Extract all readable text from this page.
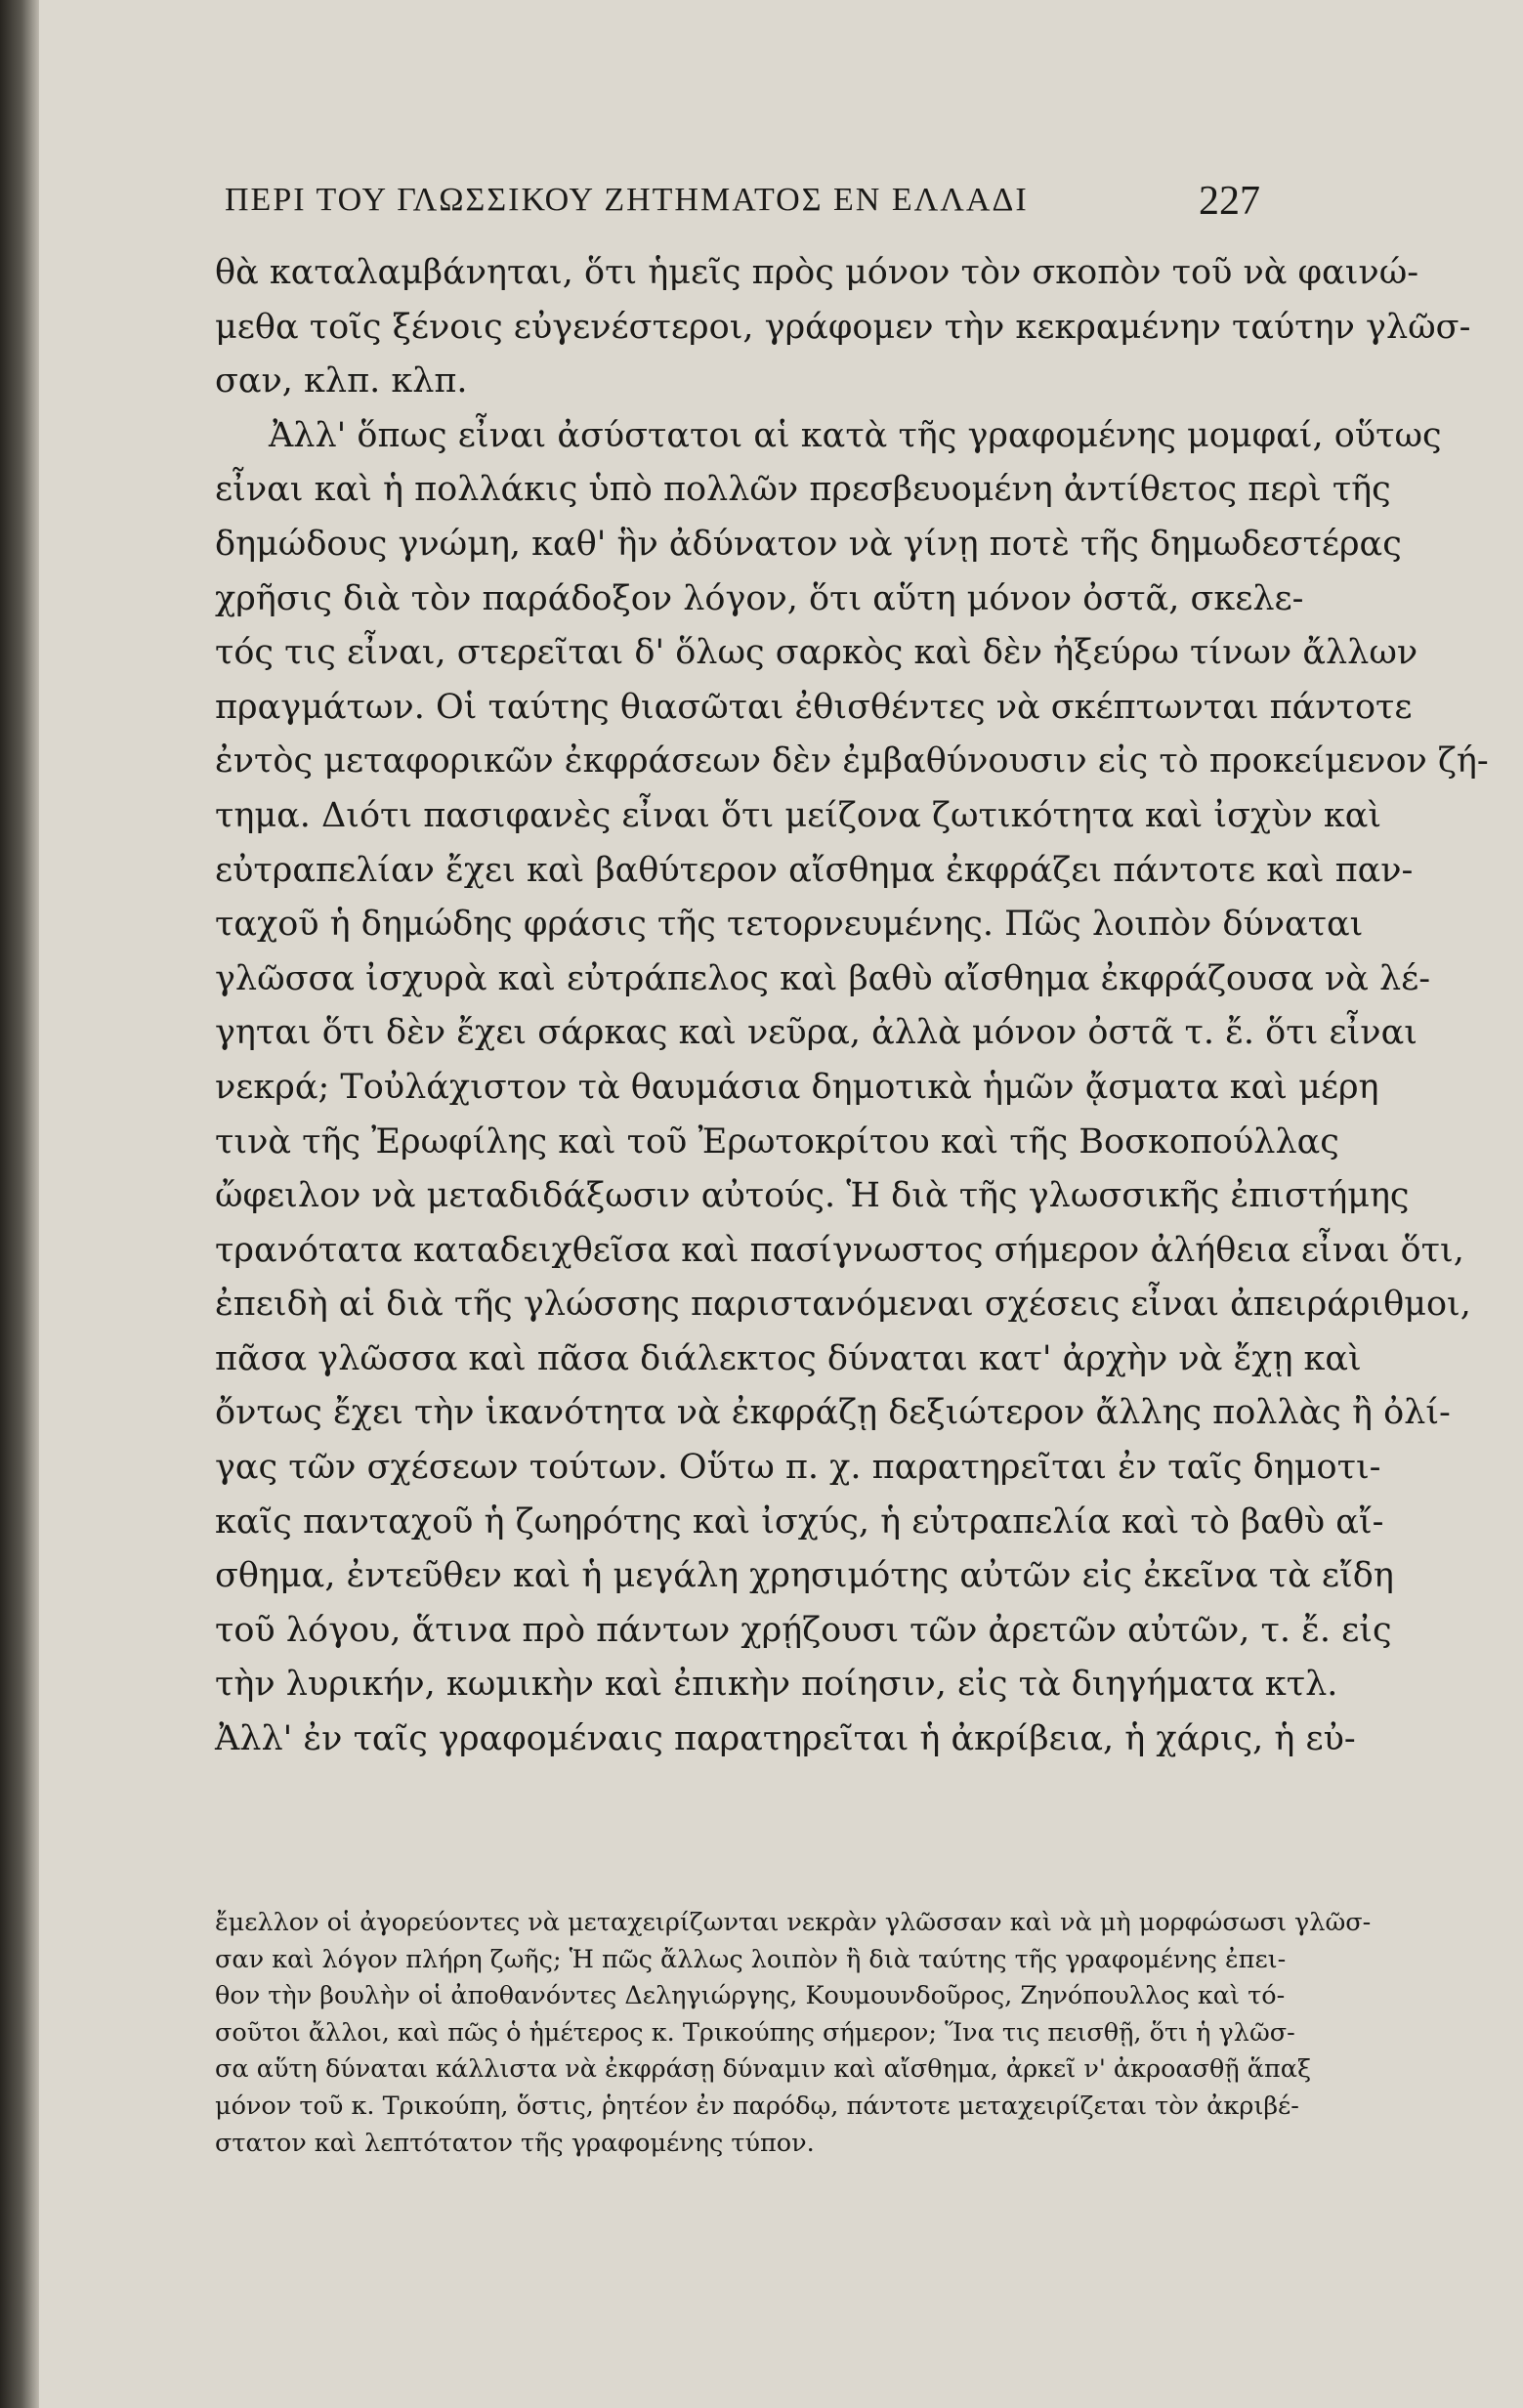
ΠΕΡΙ ΤΟΥ ΓΛΩΣΣΙΚΟΥ ΖΗΤΗΜΑΤΟΣ ΕΝ ΕΛΛΑΔΙ	227
θὰ καταλαμβάνηται, ὅτι ἡμεῖς πρὸς μόνον τὸν σκοπὸν τοῦ νὰ φαινώ-
μεθα τοῖς ξένοις εὐγενέστεροι, γράφομεν τὴν κεκραμένην ταύτην γλῶσ-
σαν, κλπ. κλπ.
Ἀλλ' ὅπως εἶναι ἀσύστατοι αἱ κατὰ τῆς γραφομένης μομφαί, οὕτως
εἶναι καὶ ἡ πολλάκις ὑπὸ πολλῶν πρεσβευομένη ἀντίθετος περὶ τῆς
δημώδους γνώμη, καθ' ἣν ἀδύνατον νὰ γίνῃ ποτὲ τῆς δημωδεστέρας
χρῆσις διὰ τὸν παράδοξον λόγον, ὅτι αὕτη μόνον ὀστᾶ, σκελε-
τός τις εἶναι, στερεῖται δ' ὅλως σαρκὸς καὶ δὲν ἠξεύρω τίνων ἄλλων
πραγμάτων. Οἱ ταύτης θιασῶται ἐθισθέντες νὰ σκέπτωνται πάντοτε
ἐντὸς μεταφορικῶν ἐκφράσεων δὲν ἐμβαθύνουσιν εἰς τὸ προκείμενον ζή-
τημα. Διότι πασιφανὲς εἶναι ὅτι μείζονα ζωτικότητα καὶ ἰσχὺν καὶ
εὐτραπελίαν ἔχει καὶ βαθύτερον αἴσθημα ἐκφράζει πάντοτε καὶ παν-
ταχοῦ ἡ δημώδης φράσις τῆς τετορνευμένης. Πῶς λοιπὸν δύναται
γλῶσσα ἰσχυρὰ καὶ εὐτράπελος καὶ βαθὺ αἴσθημα ἐκφράζουσα νὰ λέ-
γηται ὅτι δὲν ἔχει σάρκας καὶ νεῦρα, ἀλλὰ μόνον ὀστᾶ τ. ἔ. ὅτι εἶναι
νεκρά; Τοὐλάχιστον τὰ θαυμάσια δημοτικὰ ἡμῶν ᾄσματα καὶ μέρη
τινὰ τῆς Ἐρωφίλης καὶ τοῦ Ἐρωτοκρίτου καὶ τῆς Βοσκοπούλλας
ὤφειλον νὰ μεταδιδάξωσιν αὐτούς. Ἡ διὰ τῆς γλωσσικῆς ἐπιστήμης
τρανότατα καταδειχθεῖσα καὶ πασίγνωστος σήμερον ἀλήθεια εἶναι ὅτι,
ἐπειδὴ αἱ διὰ τῆς γλώσσης παριστανόμεναι σχέσεις εἶναι ἀπειράριθμοι,
πᾶσα γλῶσσα καὶ πᾶσα διάλεκτος δύναται κατ' ἀρχὴν νὰ ἔχῃ καὶ
ὄντως ἔχει τὴν ἱκανότητα νὰ ἐκφράζῃ δεξιώτερον ἄλλης πολλὰς ἢ ὀλί-
γας τῶν σχέσεων τούτων. Οὕτω π. χ. παρατηρεῖται ἐν ταῖς δημοτι-
καῖς πανταχοῦ ἡ ζωηρότης καὶ ἰσχύς, ἡ εὐτραπελία καὶ τὸ βαθὺ αἴ-
σθημα, ἐντεῦθεν καὶ ἡ μεγάλη χρησιμότης αὐτῶν εἰς ἐκεῖνα τὰ εἴδη
τοῦ λόγου, ἅτινα πρὸ πάντων χρῄζουσι τῶν ἀρετῶν αὐτῶν, τ. ἔ. εἰς
τὴν λυρικήν, κωμικὴν καὶ ἐπικὴν ποίησιν, εἰς τὰ διηγήματα κτλ.
Ἀλλ' ἐν ταῖς γραφομέναις παρατηρεῖται ἡ ἀκρίβεια, ἡ χάρις, ἡ εὐ-
ἔμελλον οἱ ἀγορεύοντες νὰ μεταχειρίζωνται νεκρὰν γλῶσσαν καὶ νὰ μὴ μορφώσωσι γλῶσ-
σαν καὶ λόγον πλήρη ζωῆς; Ἡ πῶς ἄλλως λοιπὸν ἢ διὰ ταύτης τῆς γραφομένης ἐπει-
θον τὴν βουλὴν οἱ ἀποθανόντες Δεληγιώργης, Κουμουνδοῦρος, Ζηνόπουλλος καὶ τό-
σοῦτοι ἄλλοι, καὶ πῶς ὁ ἡμέτερος κ. Τρικούπης σήμερον; Ἵνα τις πεισθῇ, ὅτι ἡ γλῶσ-
σα αὕτη δύναται κάλλιστα νὰ ἐκφράσῃ δύναμιν καὶ αἴσθημα, ἀρκεῖ ν' ἀκροασθῇ ἅπαξ
μόνον τοῦ κ. Τρικούπη, ὅστις, ῥητέον ἐν παρόδῳ, πάντοτε μεταχειρίζεται τὸν ἀκριβέ-
στατον καὶ λεπτότατον τῆς γραφομένης τύπον.
